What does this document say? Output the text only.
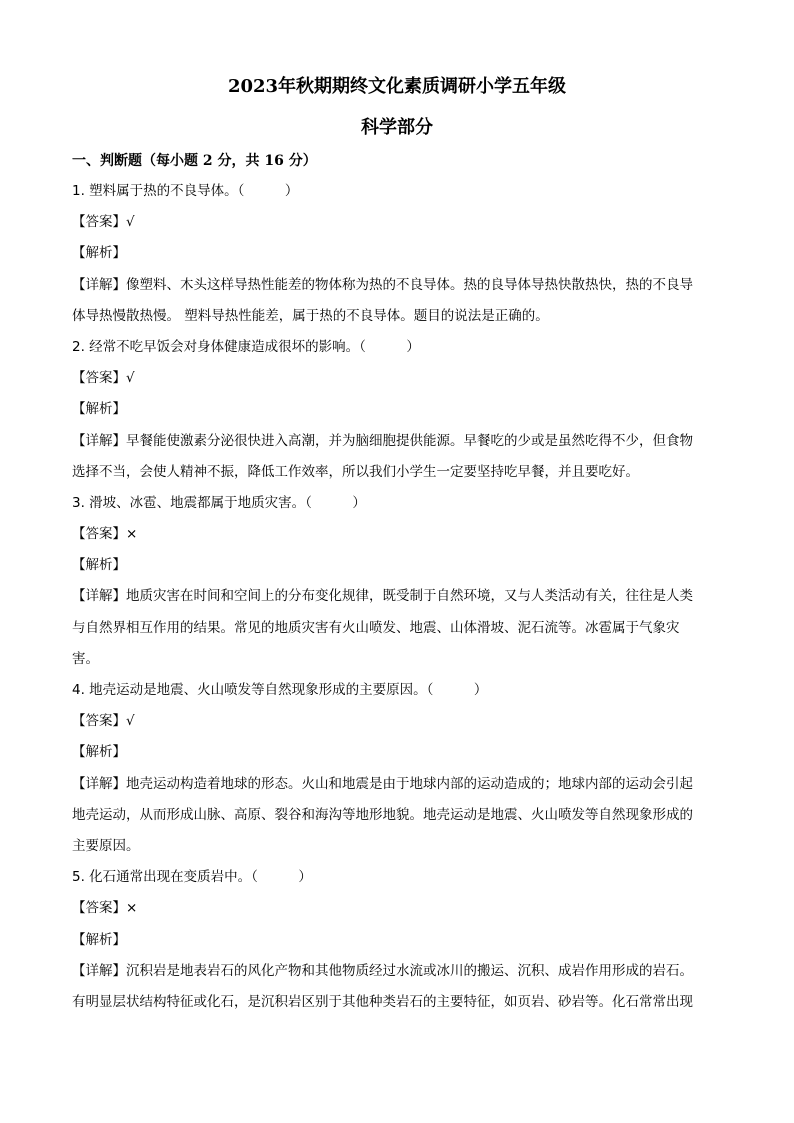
2023年秋期期终文化素质调研小学五年级
科学部分
一、判断题（每小题 2 分，共 16 分）
1. 塑料属于热的不良导体。（　　　）
【答案】√
【解析】
【详解】像塑料、木头这样导热性能差的物体称为热的不良导体。热的良导体导热快散热快，热的不良导
体导热慢散热慢。 塑料导热性能差，属于热的不良导体。题目的说法是正确的。
2. 经常不吃早饭会对身体健康造成很坏的影响。（　　　）
【答案】√
【解析】
【详解】早餐能使激素分泌很快进入高潮，并为脑细胞提供能源。早餐吃的少或是虽然吃得不少，但食物
选择不当，会使人精神不振，降低工作效率，所以我们小学生一定要坚持吃早餐，并且要吃好。
3. 滑坡、冰雹、地震都属于地质灾害。（　　　）
【答案】×
【解析】
【详解】地质灾害在时间和空间上的分布变化规律，既受制于自然环境，又与人类活动有关，往往是人类
与自然界相互作用的结果。常见的地质灾害有火山喷发、地震、山体滑坡、泥石流等。冰雹属于气象灾
害。
4. 地壳运动是地震、火山喷发等自然现象形成的主要原因。（　　　）
【答案】√
【解析】
【详解】地壳运动构造着地球的形态。火山和地震是由于地球内部的运动造成的；地球内部的运动会引起
地壳运动，从而形成山脉、高原、裂谷和海沟等地形地貌。地壳运动是地震、火山喷发等自然现象形成的
主要原因。
5. 化石通常出现在变质岩中。（　　　）
【答案】×
【解析】
【详解】沉积岩是地表岩石的风化产物和其他物质经过水流或冰川的搬运、沉积、成岩作用形成的岩石。
有明显层状结构特征或化石，是沉积岩区别于其他种类岩石的主要特征，如页岩、砂岩等。化石常常出现
